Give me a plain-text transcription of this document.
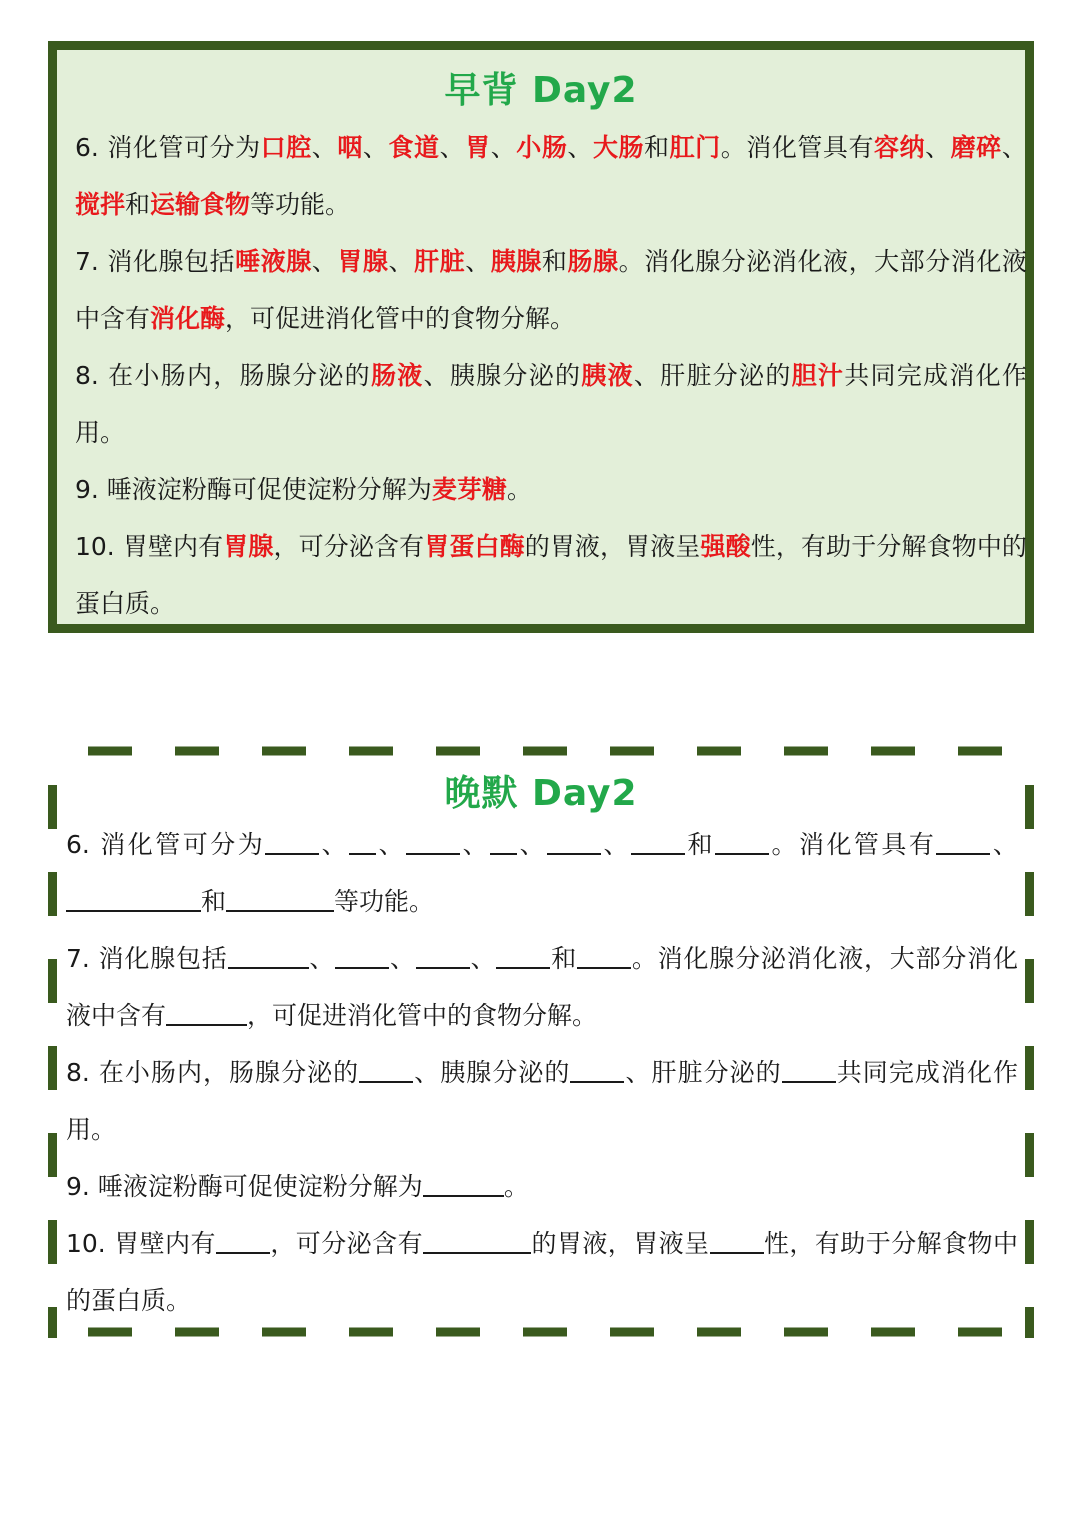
早背 Day2

6. 消化管可分为口腔、咽、食道、胃、小肠、大肠和肛门。消化管具有容纳、磨碎、搅拌和运输食物等功能。

7. 消化腺包括唾液腺、胃腺、肝脏、胰腺和肠腺。消化腺分泌消化液，大部分消化液中含有消化酶，可促进消化管中的食物分解。

8. 在小肠内，肠腺分泌的肠液、胰腺分泌的胰液、肝脏分泌的胆汁共同完成消化作用。

9. 唾液淀粉酶可促使淀粉分解为麦芽糖。

10. 胃壁内有胃腺，可分泌含有胃蛋白酶的胃液，胃液呈强酸性，有助于分解食物中的蛋白质。

晚默 Day2

6. 消化管可分为 、 、 、 、 、 和 。消化管具有 、和	等功能。

7. 消化腺包括	、 、 、 和 。消化腺分泌消化液，大部分消化液中含有	，可促进消化管中的食物分解。

8. 在小肠内，肠腺分泌的 、胰腺分泌的 、肝脏分泌的 共同完成消化作用。

9. 唾液淀粉酶可促使淀粉分解为	。

10. 胃壁内有 ，可分泌含有	的胃液，胃液呈 性，有助于分解食物中的蛋白质。
